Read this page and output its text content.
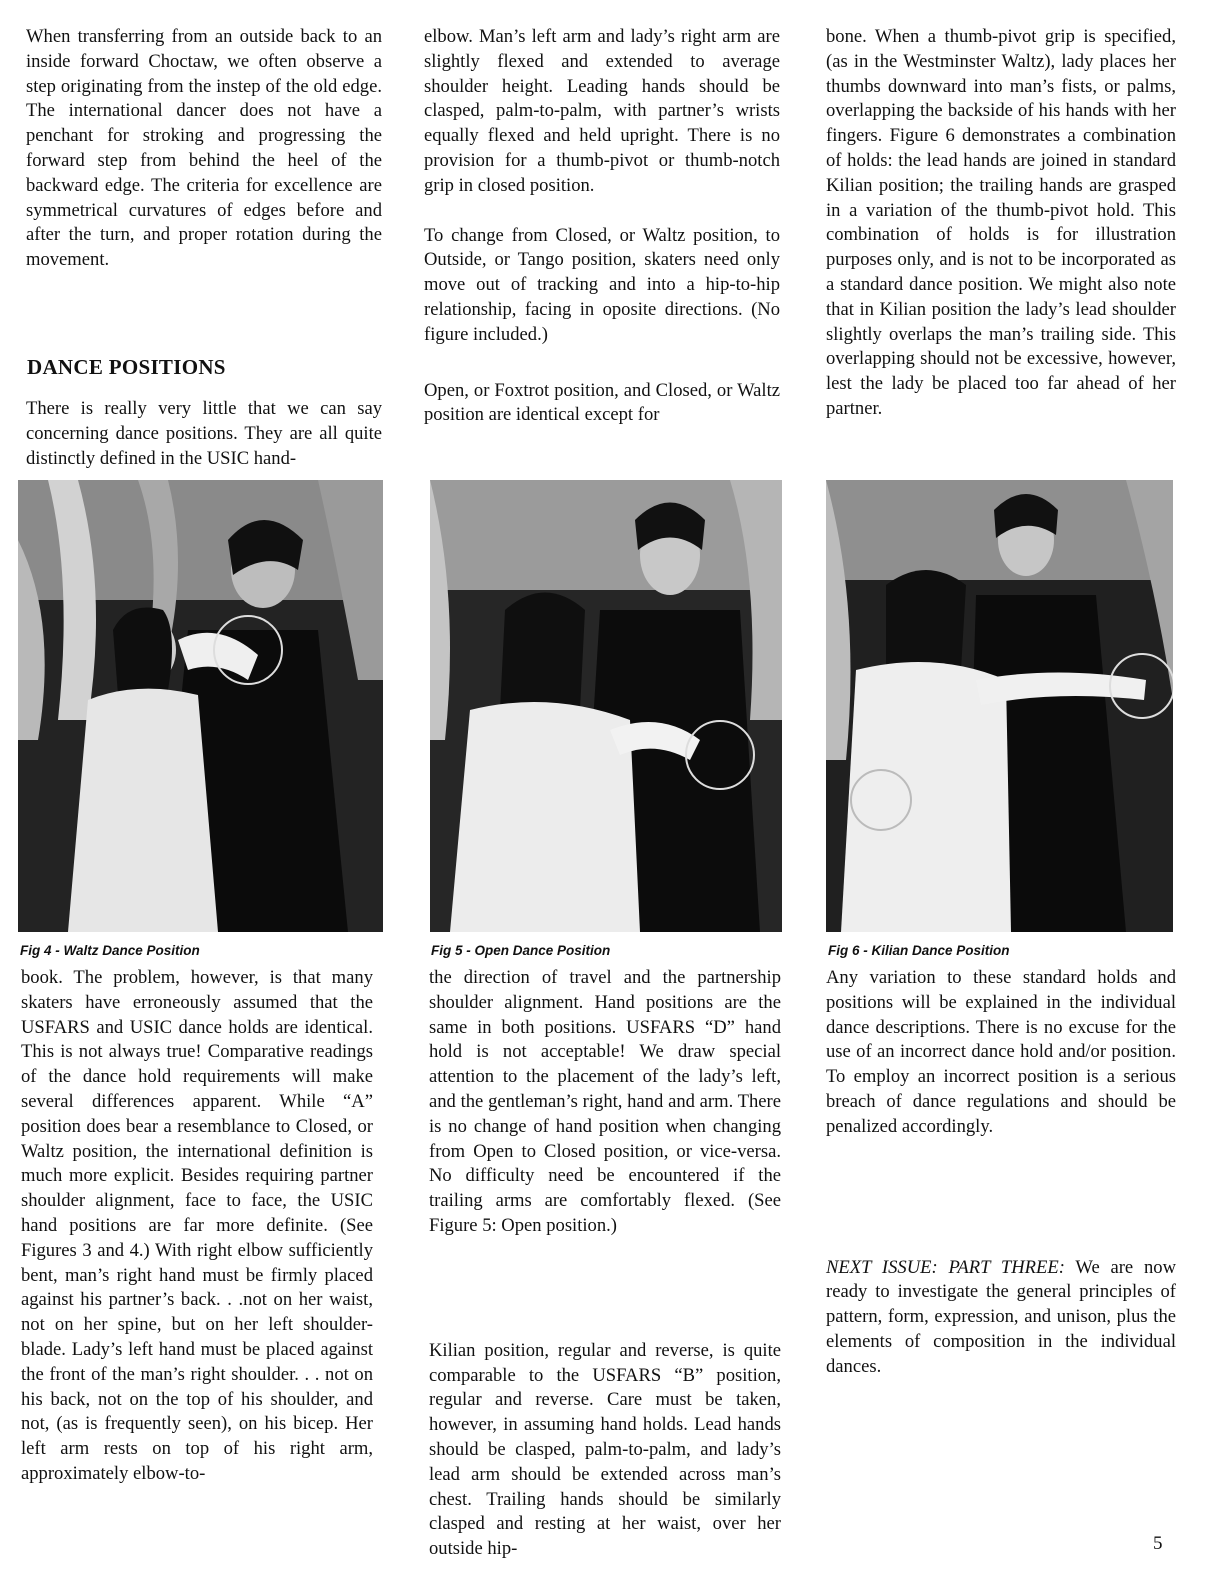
When transferring from an outside back to an inside forward Choctaw, we often observe a step originating from the instep of the old edge. The international dancer does not have a penchant for stroking and progressing the forward step from behind the heel of the backward edge. The criteria for excellence are symmetrical curvatures of edges before and after the turn, and proper rotation during the movement.

DANCE POSITIONS

There is really very little that we can say concerning dance positions. They are all quite distinctly defined in the USIC hand-

elbow. Man’s left arm and lady’s right arm are slightly flexed and extended to average shoulder height. Leading hands should be clasped, palm-to-palm, with partner’s wrists equally flexed and held upright. There is no provision for a thumb-pivot or thumb-notch grip in closed position.

To change from Closed, or Waltz position, to Outside, or Tango position, skaters need only move out of tracking and into a hip-to-hip relationship, facing in oposite directions. (No figure included.)

Open, or Foxtrot position, and Closed, or Waltz position are identical except for

bone. When a thumb-pivot grip is specified, (as in the Westminster Waltz), lady places her thumbs downward into man’s fists, or palms, overlapping the backside of his hands with her fingers. Figure 6 demonstrates a combination of holds: the lead hands are joined in standard Kilian position; the trailing hands are grasped in a variation of the thumb-pivot hold. This combination of holds is for illustration purposes only, and is not to be incorporated as a standard dance position. We might also note that in Kilian position the lady’s lead shoulder slightly overlaps the man’s trailing side. This overlapping should not be excessive, however, lest the lady be placed too far ahead of her partner.

Fig 4 - Waltz Dance Position	Fig 5 - Open Dance Position	Fig 6 - Kilian Dance Position

book. The problem, however, is that many skaters have erroneously assumed that the USFARS and USIC dance holds are identical. This is not always true! Comparative readings of the dance hold requirements will make several differences apparent. While “A” position does bear a resemblance to Closed, or Waltz position, the international definition is much more explicit. Besides requiring partner shoulder alignment, face to face, the USIC hand positions are far more definite. (See Figures 3 and 4.) With right elbow sufficiently bent, man’s right hand must be firmly placed against his partner’s back. . .not on her waist, not on her spine, but on her left shoulder-blade. Lady’s left hand must be placed against the front of the man’s right shoulder. . . not on his back, not on the top of his shoulder, and not, (as is frequently seen), on his bicep. Her left arm rests on top of his right arm, approximately elbow-to-

the direction of travel and the partnership shoulder alignment. Hand positions are the same in both positions. USFARS “D” hand hold is not acceptable! We draw special attention to the placement of the lady’s left, and the gentleman’s right, hand and arm. There is no change of hand position when changing from Open to Closed position, or vice-versa. No difficulty need be encountered if the trailing arms are comfortably flexed. (See Figure 5: Open position.)

Kilian position, regular and reverse, is quite comparable to the USFARS “B” position, regular and reverse. Care must be taken, however, in assuming hand holds. Lead hands should be clasped, palm-to-palm, and lady’s lead arm should be extended across man’s chest. Trailing hands should be similarly clasped and resting at her waist, over her outside hip-

Any variation to these standard holds and positions will be explained in the individual dance descriptions. There is no excuse for the use of an incorrect dance hold and/or position. To employ an incorrect position is a serious breach of dance regulations and should be penalized accordingly.

NEXT ISSUE: PART THREE: We are now ready to investigate the general principles of pattern, form, expression, and unison, plus the elements of composition in the individual dances.

5
